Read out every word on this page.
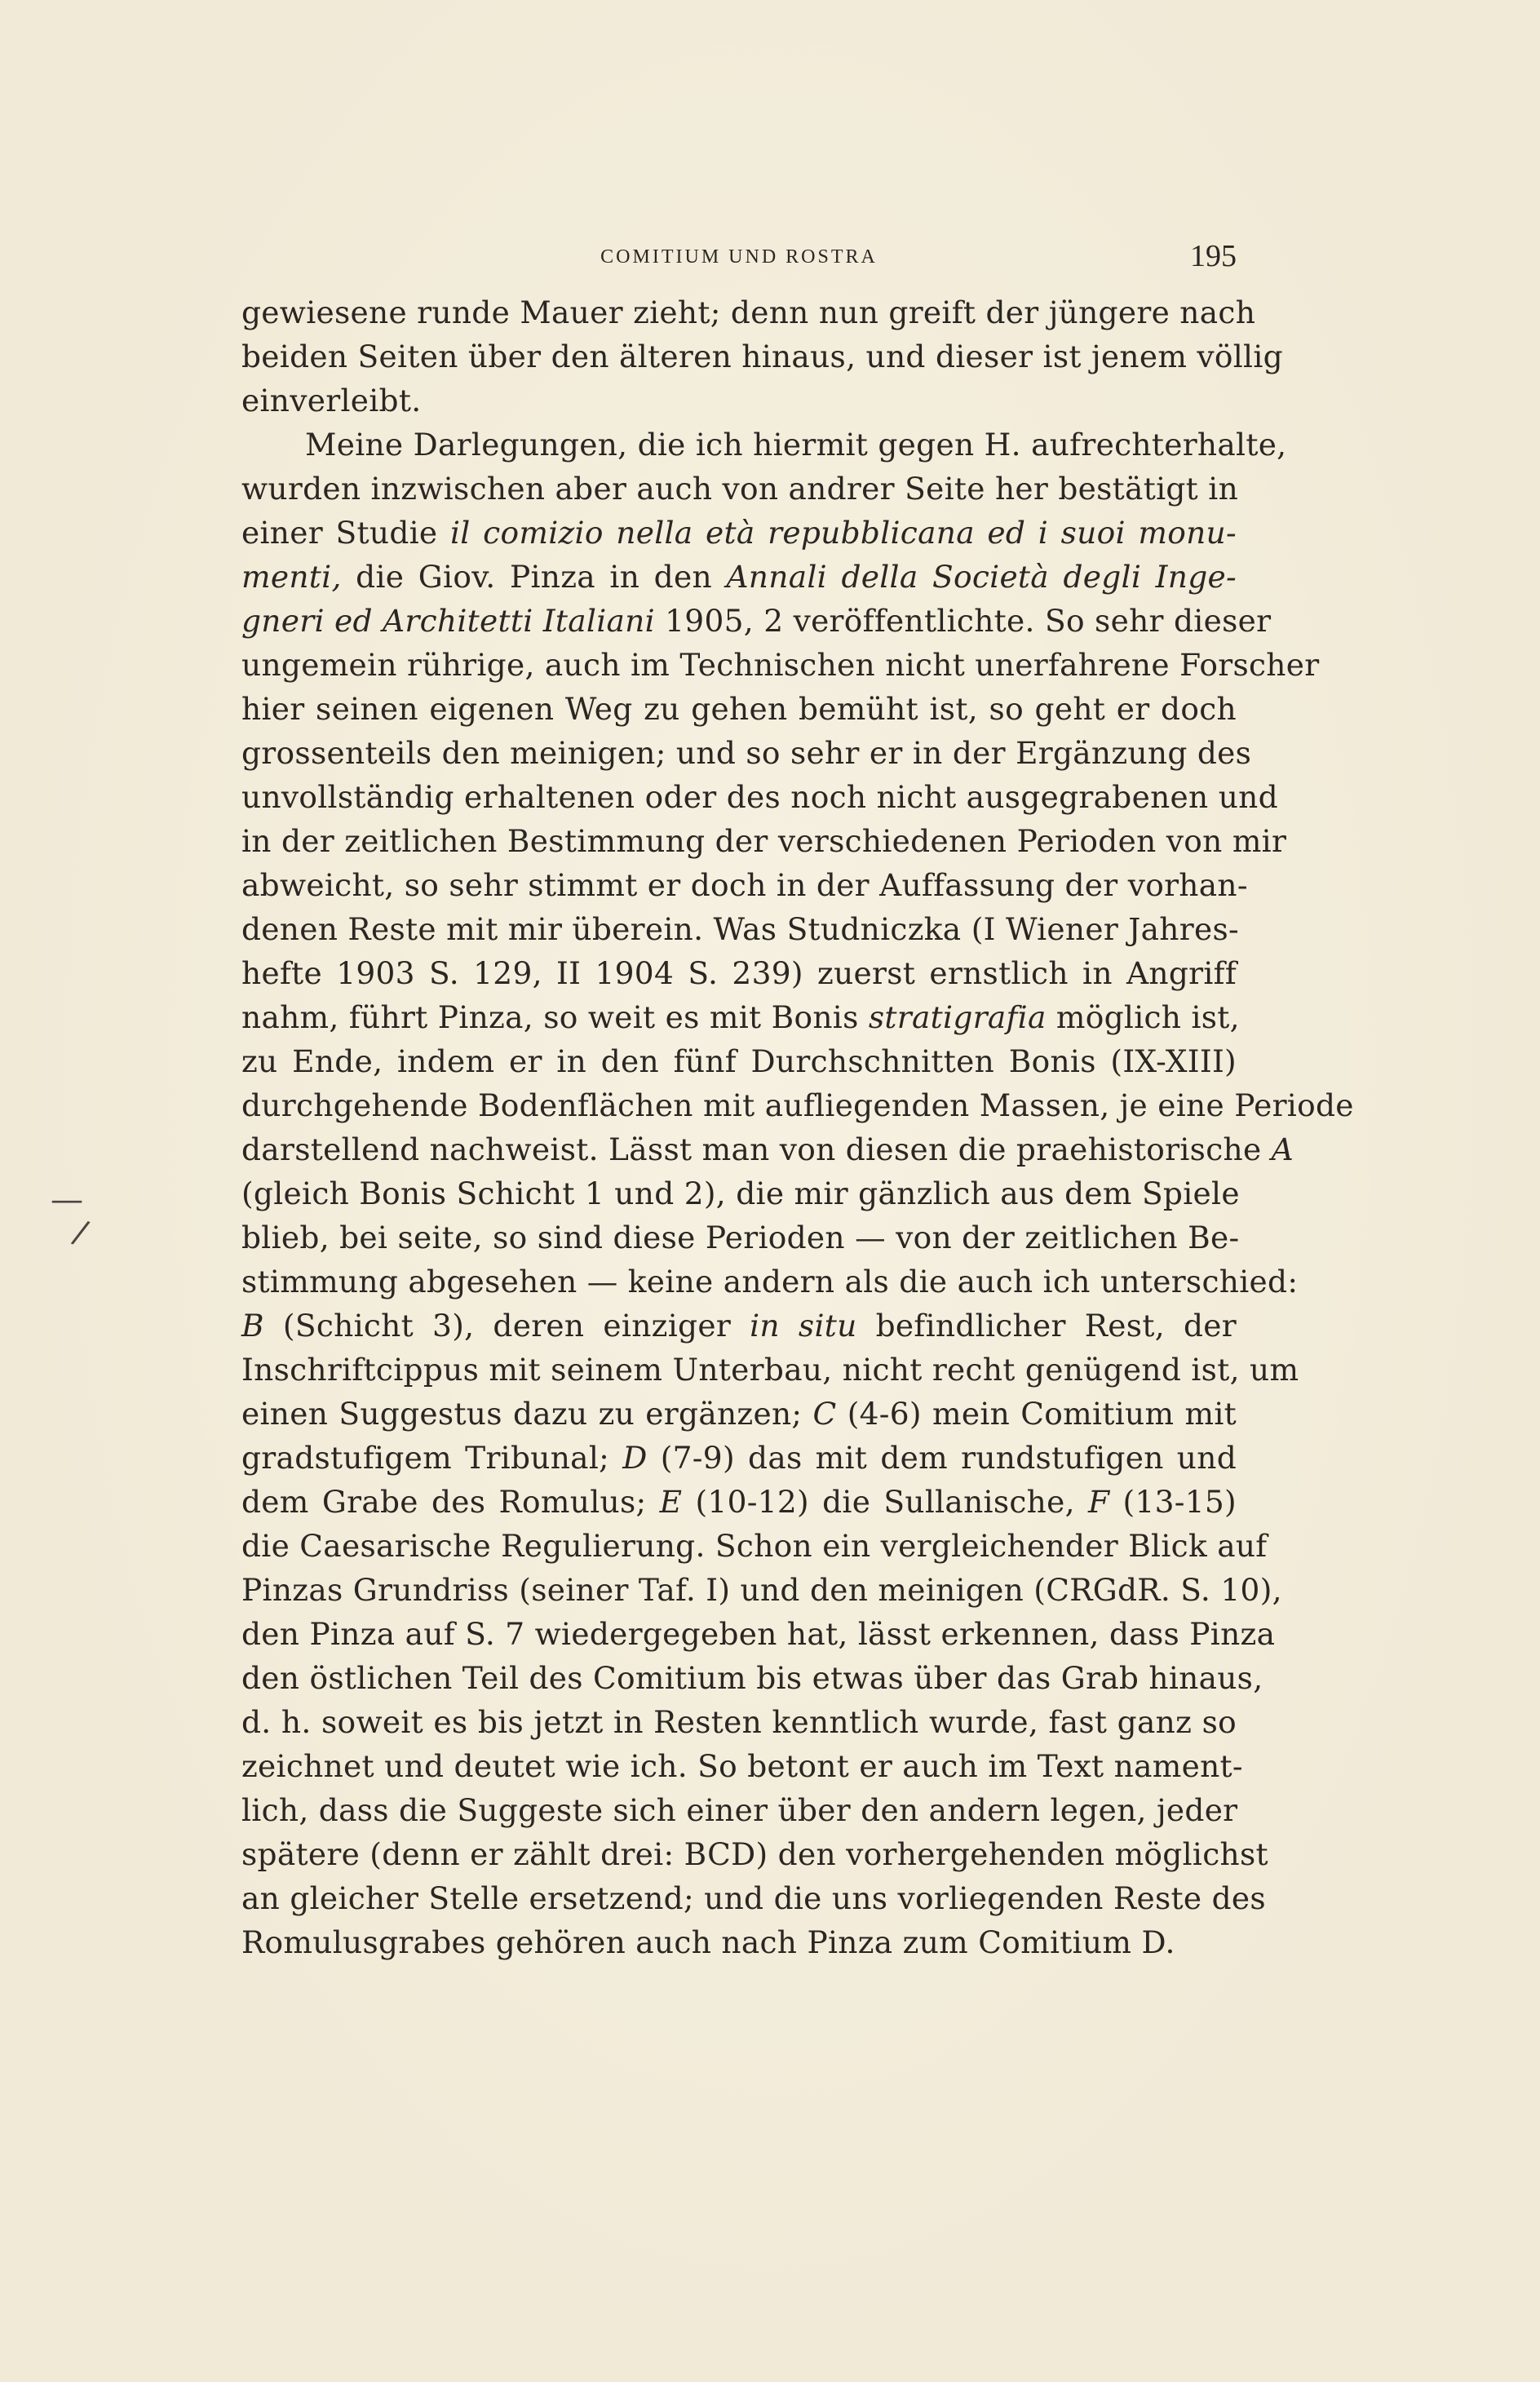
COMITIUM UND ROSTRA	195
gewiesene runde Mauer zieht; denn nun greift der jüngere nach
beiden Seiten über den älteren hinaus, und dieser ist jenem völlig
einverleibt.
Meine Darlegungen, die ich hiermit gegen H. aufrechterhalte,
wurden inzwischen aber auch von andrer Seite her bestätigt in
einer Studie il comizio nella età repubblicana ed i suoi monu-
menti, die Giov. Pinza in den Annali della Società degli Inge-
gneri ed Architetti Italiani 1905, 2 veröffentlichte. So sehr dieser
ungemein rührige, auch im Technischen nicht unerfahrene Forscher
hier seinen eigenen Weg zu gehen bemüht ist, so geht er doch
grossenteils den meinigen; und so sehr er in der Ergänzung des
unvollständig erhaltenen oder des noch nicht ausgegrabenen und
in der zeitlichen Bestimmung der verschiedenen Perioden von mir
abweicht, so sehr stimmt er doch in der Auffassung der vorhan-
denen Reste mit mir überein. Was Studniczka (I Wiener Jahres-
hefte 1903 S. 129, II 1904 S. 239) zuerst ernstlich in Angriff
nahm, führt Pinza, so weit es mit Bonis stratigrafia möglich ist,
zu Ende, indem er in den fünf Durchschnitten Bonis (IX-XIII)
durchgehende Bodenflächen mit aufliegenden Massen, je eine Periode
darstellend nachweist. Lässt man von diesen die praehistorische A
(gleich Bonis Schicht 1 und 2), die mir gänzlich aus dem Spiele
blieb, bei seite, so sind diese Perioden — von der zeitlichen Be-
stimmung abgesehen — keine andern als die auch ich unterschied:
B (Schicht 3), deren einziger in situ befindlicher Rest, der
Inschriftcippus mit seinem Unterbau, nicht recht genügend ist, um
einen Suggestus dazu zu ergänzen; C (4-6) mein Comitium mit
gradstufigem Tribunal; D (7-9) das mit dem rundstufigen und
dem Grabe des Romulus; E (10-12) die Sullanische, F (13-15)
die Caesarische Regulierung. Schon ein vergleichender Blick auf
Pinzas Grundriss (seiner Taf. I) und den meinigen (CRGdR. S. 10),
den Pinza auf S. 7 wiedergegeben hat, lässt erkennen, dass Pinza
den östlichen Teil des Comitium bis etwas über das Grab hinaus,
d. h. soweit es bis jetzt in Resten kenntlich wurde, fast ganz so
zeichnet und deutet wie ich. So betont er auch im Text nament-
lich, dass die Suggeste sich einer über den andern legen, jeder
spätere (denn er zählt drei: BCD) den vorhergehenden möglichst
an gleicher Stelle ersetzend; und die uns vorliegenden Reste des
Romulusgrabes gehören auch nach Pinza zum Comitium D.
—
/
